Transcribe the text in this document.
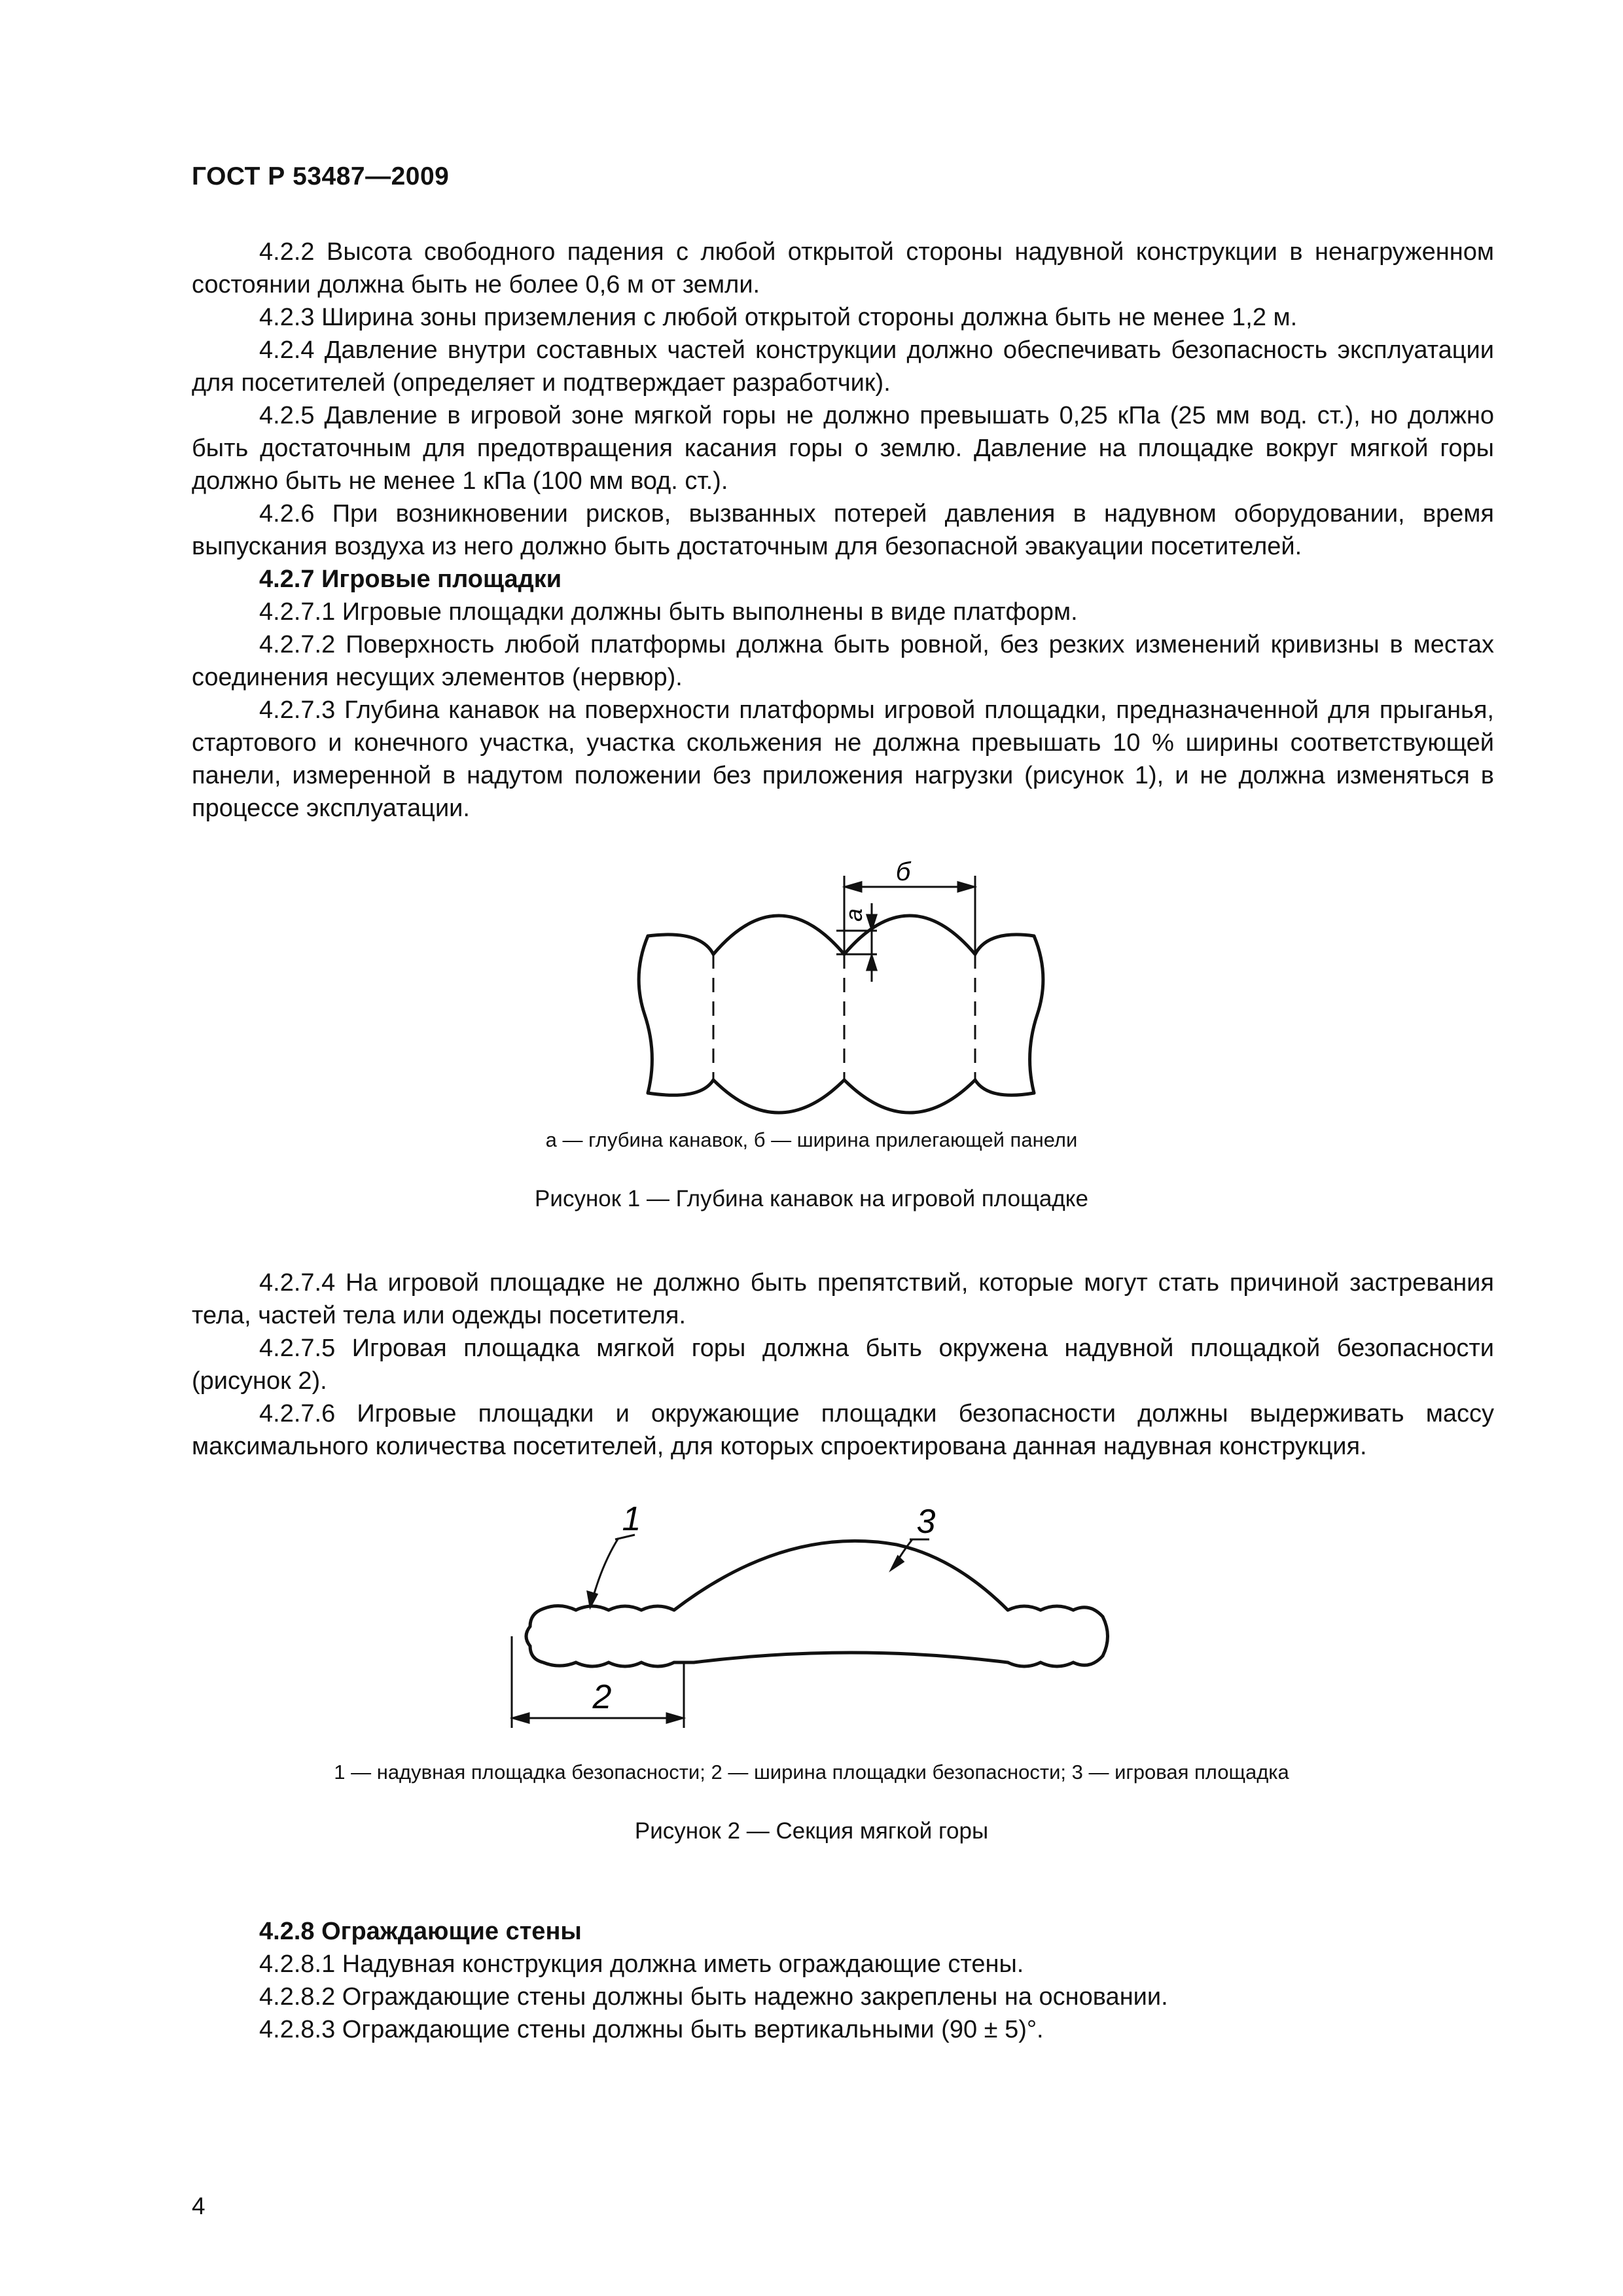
ГОСТ Р 53487—2009

4.2.2 Высота свободного падения с любой открытой стороны надувной конструкции в ненагруженном состоянии должна быть не более 0,6 м от земли.

4.2.3 Ширина зоны приземления с любой открытой стороны должна быть не менее 1,2 м.

4.2.4 Давление внутри составных частей конструкции должно обеспечивать безопасность эксплуатации для посетителей (определяет и подтверждает разработчик).

4.2.5 Давление в игровой зоне мягкой горы не должно превышать 0,25 кПа (25 мм вод. ст.), но должно быть достаточным для предотвращения касания горы о землю. Давление на площадке вокруг мягкой горы должно быть не менее 1 кПа (100 мм вод. ст.).

4.2.6 При возникновении рисков, вызванных потерей давления в надувном оборудовании, время выпускания воздуха из него должно быть достаточным для безопасной эвакуации посетителей.

4.2.7 Игровые площадки

4.2.7.1 Игровые площадки должны быть выполнены в виде платформ.

4.2.7.2 Поверхность любой платформы должна быть ровной, без резких изменений кривизны в местах соединения несущих элементов (нервюр).

4.2.7.3 Глубина канавок на поверхности платформы игровой площадки, предназначенной для прыганья, стартового и конечного участка, участка скольжения не должна превышать 10 % ширины соответствующей панели, измеренной в надутом положении без приложения нагрузки (рисунок 1), и не должна изменяться в процессе эксплуатации.

б
а
а — глубина канавок, б — ширина прилегающей панели
Рисунок 1 — Глубина канавок на игровой площадке

4.2.7.4 На игровой площадке не должно быть препятствий, которые могут стать причиной застревания тела, частей тела или одежды посетителя.

4.2.7.5 Игровая площадка мягкой горы должна быть окружена надувной площадкой безопасности (рисунок 2).

4.2.7.6 Игровые площадки и окружающие площадки безопасности должны выдерживать массу максимального количества посетителей, для которых спроектирована данная надувная конструкция.

1	3
2
1 — надувная площадка безопасности; 2 — ширина площадки безопасности; 3 — игровая площадка
Рисунок 2 — Секция мягкой горы

4.2.8 Ограждающие стены

4.2.8.1 Надувная конструкция должна иметь ограждающие стены.

4.2.8.2 Ограждающие стены должны быть надежно закреплены на основании.

4.2.8.3 Ограждающие стены должны быть вертикальными (90 ± 5)°.

4
